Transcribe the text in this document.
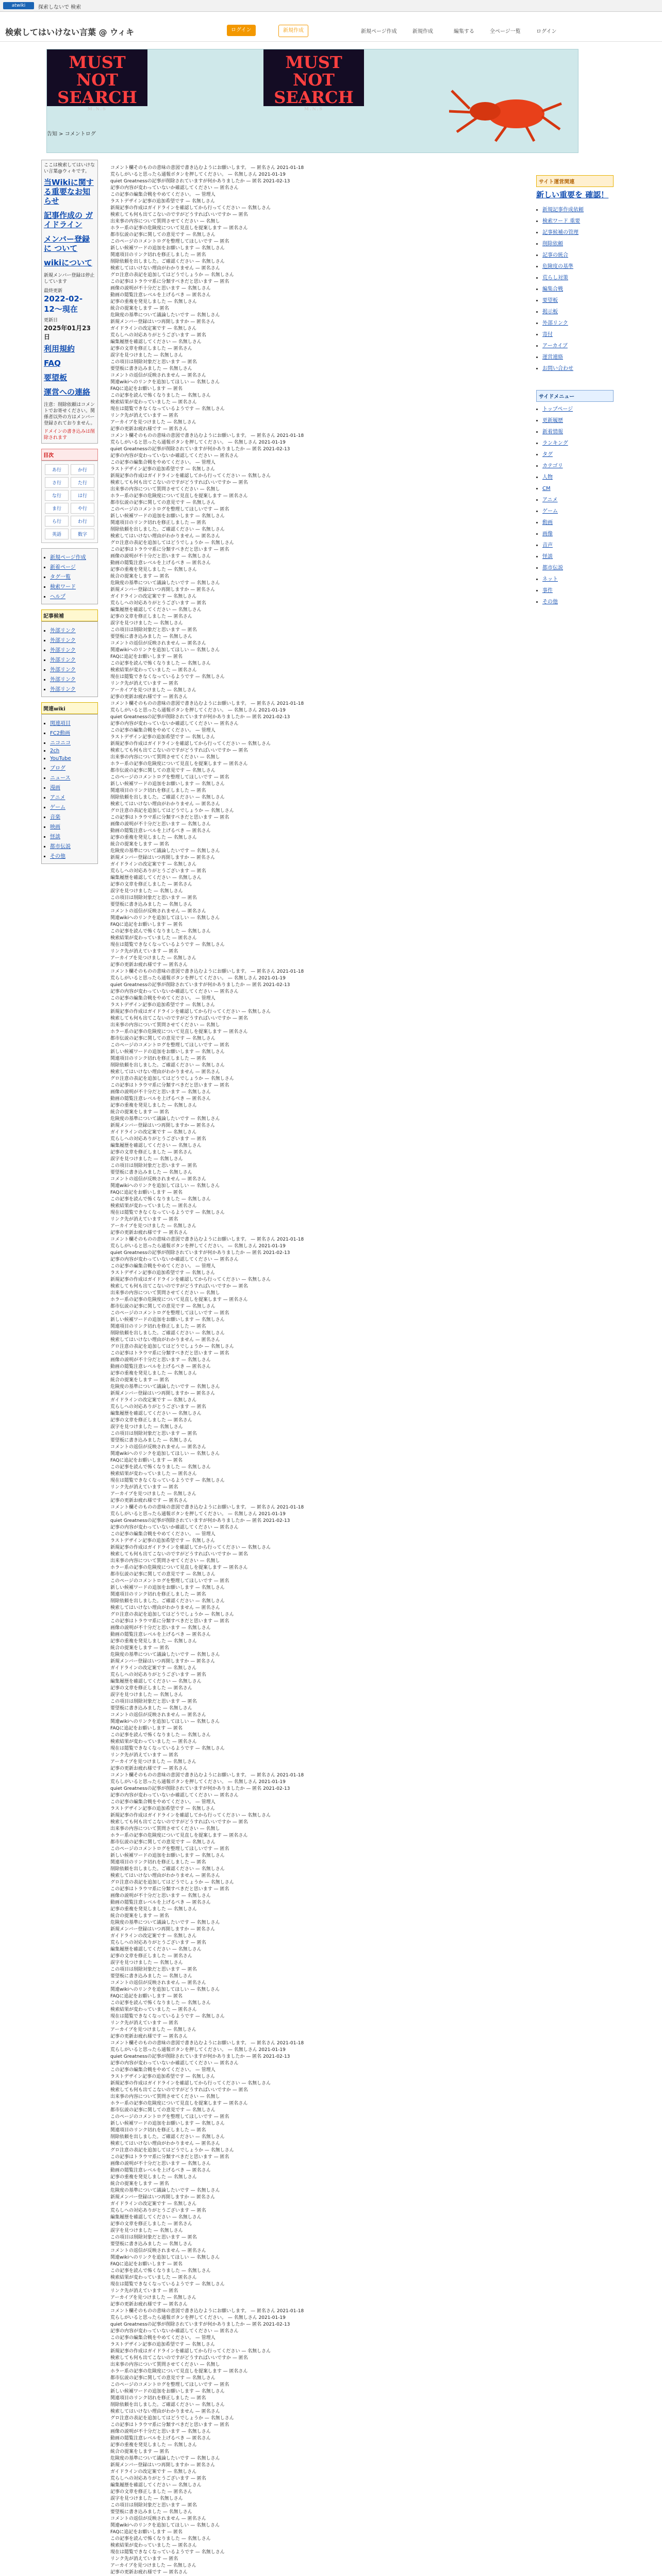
atwiki	探索しないで 検索
検索してはいけない言葉 @ ウィキ	ログイン	新規作成	新規ページ作成	新規作成	編集する	全ページ一覧	ログイン
MUST NOT SEARCH
M.N.S
MUST NOT SEARCH
M.N.S
告知 > コメントログ
ここは検索してはいけない言葉@ウィキです。
当Wikiに関する重要なお知らせ
記事作成の ガイドライン
メンバー登録に ついて
wikiについて
新規メンバー登録は停止しています
最終更新
2022-02-12〜現在
更新日
2025年01月23日
利用規約
FAQ
要望板
運営への連絡
注意：削除依頼はコメントでお寄せください。関係者以外の方はメンバー登録されておりません。
ドメインの書き込みは削除されます
目次
あ行	か行
さ行	た行
な行	は行
ま行	や行
ら行	わ行
英語	数字
▪ 新規ページ作成
▪ 新着ページ
▪ タグ一覧
▪ 検索ワード
▪ ヘルプ
記事候補
▪ 外部リンク
▪ 外部リンク
▪ 外部リンク
▪ 外部リンク
▪ 外部リンク
▪ 外部リンク
▪ 外部リンク
関連wiki
▪ 関連項目
▪ FC2動画
▪ ニコニコ
▪ 2ch
▪ YouTube
▪ ブログ
▪ ニュース
▪ 漫画
▪ アニメ
▪ ゲーム
▪ 音楽
▪ 映画
▪ 怪談
▪ 都市伝説
▪ その他
• コメント欄そのものの意味の意図で書き込むようにお願いします。 — 匿名さん 2021-01-18
• 荒らしがいると思ったら通報ボタンを押してください。 — 名無しさん 2021-01-19
• quiet Greatnessの記事が削除されていますが何かありましたか — 匿名 2021-02-13
• 記事の内容が変わっていないか確認してください — 匿名さん
• この記事の編集合戦をやめてください。 — 管理人
• ラストデザイン記事の追加希望です — 名無しさん
• 新規記事の作成はガイドラインを確認してから行ってください — 名無しさん
• 検索しても何も出てこないのですがどうすればいいですか — 匿名
• 出来事の内容について質問させてください — 名無し
• ホラー系の記事の危険度について見直しを提案します — 匿名さん
• 都市伝説の記事に関しての意見です — 名無しさん
• このページのコメントログを整理してほしいです — 匿名
• 新しい候補ワードの追加をお願いします — 名無しさん
• 関連項目のリンク切れを修正しました — 匿名
• 削除依頼を出しました。ご確認ください — 名無しさん
• 検索してはいけない理由がわかりません — 匿名さん
• グロ注意の表記を追加してはどうでしょうか — 名無しさん
• この記事はトラウマ系に分類すべきだと思います — 匿名
• 画像の説明が不十分だと思います — 名無しさん
• 動画の閲覧注意レベルを上げるべき — 匿名さん
• 記事の重複を発見しました — 名無しさん
• 統合の提案をします — 匿名
• 危険度の基準について議論したいです — 名無しさん
• 新規メンバー登録はいつ再開しますか — 匿名さん
• ガイドラインの改定案です — 名無しさん
• 荒らしへの対応ありがとうございます — 匿名
• 編集履歴を確認してください — 名無しさん
• 記事の文章を修正しました — 匿名さん
• 誤字を見つけました — 名無しさん
• この項目は削除対象だと思います — 匿名
• 要望板に書き込みました — 名無しさん
• コメントの返信が反映されません — 匿名さん
• 関連wikiへのリンクを追加してほしい — 名無しさん
• FAQに追記をお願いします — 匿名
• この記事を読んで怖くなりました — 名無しさん
• 検索結果が変わっていました — 匿名さん
• 現在は閲覧できなくなっているようです — 名無しさん
• リンク先が消えています — 匿名
• アーカイブを見つけました — 名無しさん
• 記事の更新お疲れ様です — 匿名さん
• コメント欄そのものの意味の意図で書き込むようにお願いします。 — 匿名さん 2021-01-18
• 荒らしがいると思ったら通報ボタンを押してください。 — 名無しさん 2021-01-19
• quiet Greatnessの記事が削除されていますが何かありましたか — 匿名 2021-02-13
• 記事の内容が変わっていないか確認してください — 匿名さん
• この記事の編集合戦をやめてください。 — 管理人
• ラストデザイン記事の追加希望です — 名無しさん
• 新規記事の作成はガイドラインを確認してから行ってください — 名無しさん
• 検索しても何も出てこないのですがどうすればいいですか — 匿名
• 出来事の内容について質問させてください — 名無し
• ホラー系の記事の危険度について見直しを提案します — 匿名さん
• 都市伝説の記事に関しての意見です — 名無しさん
• このページのコメントログを整理してほしいです — 匿名
• 新しい候補ワードの追加をお願いします — 名無しさん
• 関連項目のリンク切れを修正しました — 匿名
• 削除依頼を出しました。ご確認ください — 名無しさん
• 検索してはいけない理由がわかりません — 匿名さん
• グロ注意の表記を追加してはどうでしょうか — 名無しさん
• この記事はトラウマ系に分類すべきだと思います — 匿名
• 画像の説明が不十分だと思います — 名無しさん
• 動画の閲覧注意レベルを上げるべき — 匿名さん
• 記事の重複を発見しました — 名無しさん
• 統合の提案をします — 匿名
• 危険度の基準について議論したいです — 名無しさん
• 新規メンバー登録はいつ再開しますか — 匿名さん
• ガイドラインの改定案です — 名無しさん
• 荒らしへの対応ありがとうございます — 匿名
• 編集履歴を確認してください — 名無しさん
• 記事の文章を修正しました — 匿名さん
• 誤字を見つけました — 名無しさん
• この項目は削除対象だと思います — 匿名
• 要望板に書き込みました — 名無しさん
• コメントの返信が反映されません — 匿名さん
• 関連wikiへのリンクを追加してほしい — 名無しさん
• FAQに追記をお願いします — 匿名
• この記事を読んで怖くなりました — 名無しさん
• 検索結果が変わっていました — 匿名さん
• 現在は閲覧できなくなっているようです — 名無しさん
• リンク先が消えています — 匿名
• アーカイブを見つけました — 名無しさん
• 記事の更新お疲れ様です — 匿名さん
• コメント欄そのものの意味の意図で書き込むようにお願いします。 — 匿名さん 2021-01-18
• 荒らしがいると思ったら通報ボタンを押してください。 — 名無しさん 2021-01-19
• quiet Greatnessの記事が削除されていますが何かありましたか — 匿名 2021-02-13
• 記事の内容が変わっていないか確認してください — 匿名さん
• この記事の編集合戦をやめてください。 — 管理人
• ラストデザイン記事の追加希望です — 名無しさん
• 新規記事の作成はガイドラインを確認してから行ってください — 名無しさん
• 検索しても何も出てこないのですがどうすればいいですか — 匿名
• 出来事の内容について質問させてください — 名無し
• ホラー系の記事の危険度について見直しを提案します — 匿名さん
• 都市伝説の記事に関しての意見です — 名無しさん
• このページのコメントログを整理してほしいです — 匿名
• 新しい候補ワードの追加をお願いします — 名無しさん
• 関連項目のリンク切れを修正しました — 匿名
• 削除依頼を出しました。ご確認ください — 名無しさん
• 検索してはいけない理由がわかりません — 匿名さん
• グロ注意の表記を追加してはどうでしょうか — 名無しさん
• この記事はトラウマ系に分類すべきだと思います — 匿名
• 画像の説明が不十分だと思います — 名無しさん
• 動画の閲覧注意レベルを上げるべき — 匿名さん
• 記事の重複を発見しました — 名無しさん
• 統合の提案をします — 匿名
• 危険度の基準について議論したいです — 名無しさん
• 新規メンバー登録はいつ再開しますか — 匿名さん
• ガイドラインの改定案です — 名無しさん
• 荒らしへの対応ありがとうございます — 匿名
• 編集履歴を確認してください — 名無しさん
• 記事の文章を修正しました — 匿名さん
• 誤字を見つけました — 名無しさん
• この項目は削除対象だと思います — 匿名
• 要望板に書き込みました — 名無しさん
• コメントの返信が反映されません — 匿名さん
• 関連wikiへのリンクを追加してほしい — 名無しさん
• FAQに追記をお願いします — 匿名
• この記事を読んで怖くなりました — 名無しさん
• 検索結果が変わっていました — 匿名さん
• 現在は閲覧できなくなっているようです — 名無しさん
• リンク先が消えています — 匿名
• アーカイブを見つけました — 名無しさん
• 記事の更新お疲れ様です — 匿名さん
• コメント欄そのものの意味の意図で書き込むようにお願いします。 — 匿名さん 2021-01-18
• 荒らしがいると思ったら通報ボタンを押してください。 — 名無しさん 2021-01-19
• quiet Greatnessの記事が削除されていますが何かありましたか — 匿名 2021-02-13
• 記事の内容が変わっていないか確認してください — 匿名さん
• この記事の編集合戦をやめてください。 — 管理人
• ラストデザイン記事の追加希望です — 名無しさん
• 新規記事の作成はガイドラインを確認してから行ってください — 名無しさん
• 検索しても何も出てこないのですがどうすればいいですか — 匿名
• 出来事の内容について質問させてください — 名無し
• ホラー系の記事の危険度について見直しを提案します — 匿名さん
• 都市伝説の記事に関しての意見です — 名無しさん
• このページのコメントログを整理してほしいです — 匿名
• 新しい候補ワードの追加をお願いします — 名無しさん
• 関連項目のリンク切れを修正しました — 匿名
• 削除依頼を出しました。ご確認ください — 名無しさん
• 検索してはいけない理由がわかりません — 匿名さん
• グロ注意の表記を追加してはどうでしょうか — 名無しさん
• この記事はトラウマ系に分類すべきだと思います — 匿名
• 画像の説明が不十分だと思います — 名無しさん
• 動画の閲覧注意レベルを上げるべき — 匿名さん
• 記事の重複を発見しました — 名無しさん
• 統合の提案をします — 匿名
• 危険度の基準について議論したいです — 名無しさん
• 新規メンバー登録はいつ再開しますか — 匿名さん
• ガイドラインの改定案です — 名無しさん
• 荒らしへの対応ありがとうございます — 匿名
• 編集履歴を確認してください — 名無しさん
• 記事の文章を修正しました — 匿名さん
• 誤字を見つけました — 名無しさん
• この項目は削除対象だと思います — 匿名
• 要望板に書き込みました — 名無しさん
• コメントの返信が反映されません — 匿名さん
• 関連wikiへのリンクを追加してほしい — 名無しさん
• FAQに追記をお願いします — 匿名
• この記事を読んで怖くなりました — 名無しさん
• 検索結果が変わっていました — 匿名さん
• 現在は閲覧できなくなっているようです — 名無しさん
• リンク先が消えています — 匿名
• アーカイブを見つけました — 名無しさん
• 記事の更新お疲れ様です — 匿名さん
• コメント欄そのものの意味の意図で書き込むようにお願いします。 — 匿名さん 2021-01-18
• 荒らしがいると思ったら通報ボタンを押してください。 — 名無しさん 2021-01-19
• quiet Greatnessの記事が削除されていますが何かありましたか — 匿名 2021-02-13
• 記事の内容が変わっていないか確認してください — 匿名さん
• この記事の編集合戦をやめてください。 — 管理人
• ラストデザイン記事の追加希望です — 名無しさん
• 新規記事の作成はガイドラインを確認してから行ってください — 名無しさん
• 検索しても何も出てこないのですがどうすればいいですか — 匿名
• 出来事の内容について質問させてください — 名無し
• ホラー系の記事の危険度について見直しを提案します — 匿名さん
• 都市伝説の記事に関しての意見です — 名無しさん
• このページのコメントログを整理してほしいです — 匿名
• 新しい候補ワードの追加をお願いします — 名無しさん
• 関連項目のリンク切れを修正しました — 匿名
• 削除依頼を出しました。ご確認ください — 名無しさん
• 検索してはいけない理由がわかりません — 匿名さん
• グロ注意の表記を追加してはどうでしょうか — 名無しさん
• この記事はトラウマ系に分類すべきだと思います — 匿名
• 画像の説明が不十分だと思います — 名無しさん
• 動画の閲覧注意レベルを上げるべき — 匿名さん
• 記事の重複を発見しました — 名無しさん
• 統合の提案をします — 匿名
• 危険度の基準について議論したいです — 名無しさん
• 新規メンバー登録はいつ再開しますか — 匿名さん
• ガイドラインの改定案です — 名無しさん
• 荒らしへの対応ありがとうございます — 匿名
• 編集履歴を確認してください — 名無しさん
• 記事の文章を修正しました — 匿名さん
• 誤字を見つけました — 名無しさん
• この項目は削除対象だと思います — 匿名
• 要望板に書き込みました — 名無しさん
• コメントの返信が反映されません — 匿名さん
• 関連wikiへのリンクを追加してほしい — 名無しさん
• FAQに追記をお願いします — 匿名
• この記事を読んで怖くなりました — 名無しさん
• 検索結果が変わっていました — 匿名さん
• 現在は閲覧できなくなっているようです — 名無しさん
• リンク先が消えています — 匿名
• アーカイブを見つけました — 名無しさん
• 記事の更新お疲れ様です — 匿名さん
• コメント欄そのものの意味の意図で書き込むようにお願いします。 — 匿名さん 2021-01-18
• 荒らしがいると思ったら通報ボタンを押してください。 — 名無しさん 2021-01-19
• quiet Greatnessの記事が削除されていますが何かありましたか — 匿名 2021-02-13
• 記事の内容が変わっていないか確認してください — 匿名さん
• この記事の編集合戦をやめてください。 — 管理人
• ラストデザイン記事の追加希望です — 名無しさん
• 新規記事の作成はガイドラインを確認してから行ってください — 名無しさん
• 検索しても何も出てこないのですがどうすればいいですか — 匿名
• 出来事の内容について質問させてください — 名無し
• ホラー系の記事の危険度について見直しを提案します — 匿名さん
• 都市伝説の記事に関しての意見です — 名無しさん
• このページのコメントログを整理してほしいです — 匿名
• 新しい候補ワードの追加をお願いします — 名無しさん
• 関連項目のリンク切れを修正しました — 匿名
• 削除依頼を出しました。ご確認ください — 名無しさん
• 検索してはいけない理由がわかりません — 匿名さん
• グロ注意の表記を追加してはどうでしょうか — 名無しさん
• この記事はトラウマ系に分類すべきだと思います — 匿名
• 画像の説明が不十分だと思います — 名無しさん
• 動画の閲覧注意レベルを上げるべき — 匿名さん
• 記事の重複を発見しました — 名無しさん
• 統合の提案をします — 匿名
• 危険度の基準について議論したいです — 名無しさん
• 新規メンバー登録はいつ再開しますか — 匿名さん
• ガイドラインの改定案です — 名無しさん
• 荒らしへの対応ありがとうございます — 匿名
• 編集履歴を確認してください — 名無しさん
• 記事の文章を修正しました — 匿名さん
• 誤字を見つけました — 名無しさん
• この項目は削除対象だと思います — 匿名
• 要望板に書き込みました — 名無しさん
• コメントの返信が反映されません — 匿名さん
• 関連wikiへのリンクを追加してほしい — 名無しさん
• FAQに追記をお願いします — 匿名
• この記事を読んで怖くなりました — 名無しさん
• 検索結果が変わっていました — 匿名さん
• 現在は閲覧できなくなっているようです — 名無しさん
• リンク先が消えています — 匿名
• アーカイブを見つけました — 名無しさん
• 記事の更新お疲れ様です — 匿名さん
• コメント欄そのものの意味の意図で書き込むようにお願いします。 — 匿名さん 2021-01-18
• 荒らしがいると思ったら通報ボタンを押してください。 — 名無しさん 2021-01-19
• quiet Greatnessの記事が削除されていますが何かありましたか — 匿名 2021-02-13
• 記事の内容が変わっていないか確認してください — 匿名さん
• この記事の編集合戦をやめてください。 — 管理人
• ラストデザイン記事の追加希望です — 名無しさん
• 新規記事の作成はガイドラインを確認してから行ってください — 名無しさん
• 検索しても何も出てこないのですがどうすればいいですか — 匿名
• 出来事の内容について質問させてください — 名無し
• ホラー系の記事の危険度について見直しを提案します — 匿名さん
• 都市伝説の記事に関しての意見です — 名無しさん
• このページのコメントログを整理してほしいです — 匿名
• 新しい候補ワードの追加をお願いします — 名無しさん
• 関連項目のリンク切れを修正しました — 匿名
• 削除依頼を出しました。ご確認ください — 名無しさん
• 検索してはいけない理由がわかりません — 匿名さん
• グロ注意の表記を追加してはどうでしょうか — 名無しさん
• この記事はトラウマ系に分類すべきだと思います — 匿名
• 画像の説明が不十分だと思います — 名無しさん
• 動画の閲覧注意レベルを上げるべき — 匿名さん
• 記事の重複を発見しました — 名無しさん
• 統合の提案をします — 匿名
• 危険度の基準について議論したいです — 名無しさん
• 新規メンバー登録はいつ再開しますか — 匿名さん
• ガイドラインの改定案です — 名無しさん
• 荒らしへの対応ありがとうございます — 匿名
• 編集履歴を確認してください — 名無しさん
• 記事の文章を修正しました — 匿名さん
• 誤字を見つけました — 名無しさん
• この項目は削除対象だと思います — 匿名
• 要望板に書き込みました — 名無しさん
• コメントの返信が反映されません — 匿名さん
• 関連wikiへのリンクを追加してほしい — 名無しさん
• FAQに追記をお願いします — 匿名
• この記事を読んで怖くなりました — 名無しさん
• 検索結果が変わっていました — 匿名さん
• 現在は閲覧できなくなっているようです — 名無しさん
• リンク先が消えています — 匿名
• アーカイブを見つけました — 名無しさん
• 記事の更新お疲れ様です — 匿名さん
• コメント欄そのものの意味の意図で書き込むようにお願いします。 — 匿名さん 2021-01-18
• 荒らしがいると思ったら通報ボタンを押してください。 — 名無しさん 2021-01-19
• quiet Greatnessの記事が削除されていますが何かありましたか — 匿名 2021-02-13
• 記事の内容が変わっていないか確認してください — 匿名さん
• この記事の編集合戦をやめてください。 — 管理人
• ラストデザイン記事の追加希望です — 名無しさん
• 新規記事の作成はガイドラインを確認してから行ってください — 名無しさん
• 検索しても何も出てこないのですがどうすればいいですか — 匿名
• 出来事の内容について質問させてください — 名無し
• ホラー系の記事の危険度について見直しを提案します — 匿名さん
• 都市伝説の記事に関しての意見です — 名無しさん
• このページのコメントログを整理してほしいです — 匿名
• 新しい候補ワードの追加をお願いします — 名無しさん
• 関連項目のリンク切れを修正しました — 匿名
• 削除依頼を出しました。ご確認ください — 名無しさん
• 検索してはいけない理由がわかりません — 匿名さん
• グロ注意の表記を追加してはどうでしょうか — 名無しさん
• この記事はトラウマ系に分類すべきだと思います — 匿名
• 画像の説明が不十分だと思います — 名無しさん
• 動画の閲覧注意レベルを上げるべき — 匿名さん
• 記事の重複を発見しました — 名無しさん
• 統合の提案をします — 匿名
• 危険度の基準について議論したいです — 名無しさん
• 新規メンバー登録はいつ再開しますか — 匿名さん
• ガイドラインの改定案です — 名無しさん
• 荒らしへの対応ありがとうございます — 匿名
• 編集履歴を確認してください — 名無しさん
• 記事の文章を修正しました — 匿名さん
• 誤字を見つけました — 名無しさん
• この項目は削除対象だと思います — 匿名
• 要望板に書き込みました — 名無しさん
• コメントの返信が反映されません — 匿名さん
• 関連wikiへのリンクを追加してほしい — 名無しさん
• FAQに追記をお願いします — 匿名
• この記事を読んで怖くなりました — 名無しさん
• 検索結果が変わっていました — 匿名さん
• 現在は閲覧できなくなっているようです — 名無しさん
• リンク先が消えています — 匿名
• アーカイブを見つけました — 名無しさん
• 記事の更新お疲れ様です — 匿名さん
• コメント欄そのものの意味の意図で書き込むようにお願いします。 — 匿名さん 2021-01-18
• 荒らしがいると思ったら通報ボタンを押してください。 — 名無しさん 2021-01-19
• quiet Greatnessの記事が削除されていますが何かありましたか — 匿名 2021-02-13
• 記事の内容が変わっていないか確認してください — 匿名さん
• この記事の編集合戦をやめてください。 — 管理人
• ラストデザイン記事の追加希望です — 名無しさん
• 新規記事の作成はガイドラインを確認してから行ってください — 名無しさん
• 検索しても何も出てこないのですがどうすればいいですか — 匿名
• 出来事の内容について質問させてください — 名無し
• ホラー系の記事の危険度について見直しを提案します — 匿名さん
• 都市伝説の記事に関しての意見です — 名無しさん
• このページのコメントログを整理してほしいです — 匿名
• 新しい候補ワードの追加をお願いします — 名無しさん
• 関連項目のリンク切れを修正しました — 匿名
• 削除依頼を出しました。ご確認ください — 名無しさん
• 検索してはいけない理由がわかりません — 匿名さん
• グロ注意の表記を追加してはどうでしょうか — 名無しさん
• この記事はトラウマ系に分類すべきだと思います — 匿名
• 画像の説明が不十分だと思います — 名無しさん
• 動画の閲覧注意レベルを上げるべき — 匿名さん
• 記事の重複を発見しました — 名無しさん
• 統合の提案をします — 匿名
• 危険度の基準について議論したいです — 名無しさん
• 新規メンバー登録はいつ再開しますか — 匿名さん
• ガイドラインの改定案です — 名無しさん
• 荒らしへの対応ありがとうございます — 匿名
• 編集履歴を確認してください — 名無しさん
• 記事の文章を修正しました — 匿名さん
• 誤字を見つけました — 名無しさん
• この項目は削除対象だと思います — 匿名
• 要望板に書き込みました — 名無しさん
• コメントの返信が反映されません — 匿名さん
• 関連wikiへのリンクを追加してほしい — 名無しさん
• FAQに追記をお願いします — 匿名
• この記事を読んで怖くなりました — 名無しさん
• 検索結果が変わっていました — 匿名さん
• 現在は閲覧できなくなっているようです — 名無しさん
• リンク先が消えています — 匿名
• アーカイブを見つけました — 名無しさん
• 記事の更新お疲れ様です — 匿名さん
サイト運営関連
新しい重要を 確認！
• 新規記事作成依頼
• 検索ワード 重要
• 記事候補の管理
• 削除依頼
• 記事の統合
• 危険度の基準
• 荒らし対策
• 編集合戦
• 要望板
• 掲示板
• 外部リンク
• 寄付
• アーカイブ
• 運営連絡
• お問い合わせ
サイドメニュー
• トップページ
• 更新履歴
• 新着情報
• ランキング
• タグ
• カテゴリ
• 人物
• CM
• アニメ
• ゲーム
• 動画
• 画像
• 音声
• 怪談
• 都市伝説
• ネット
• 事件
• その他
